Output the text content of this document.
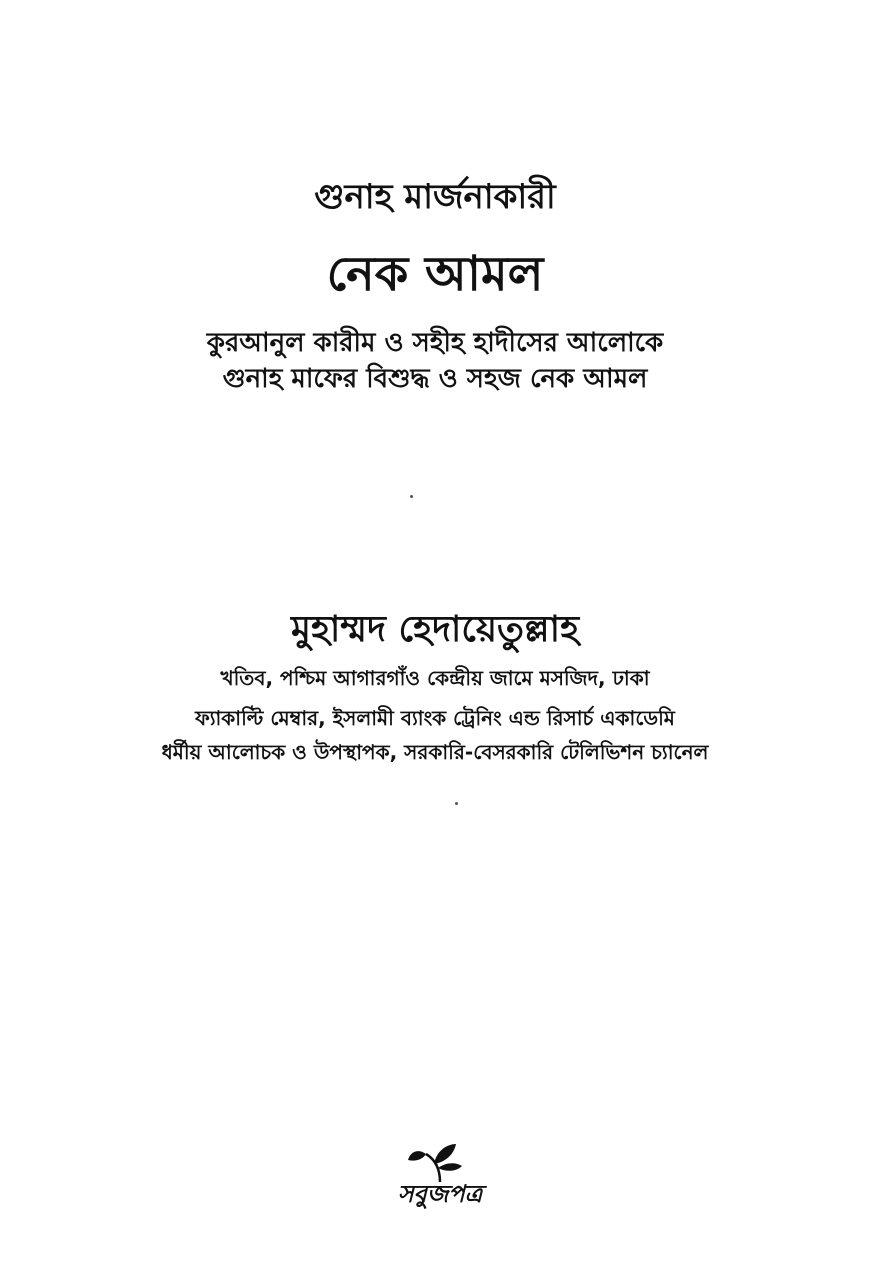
গুনাহ মার্জনাকারী
নেক আমল
কুরআনুল কারীম ও সহীহ হাদীসের আলোকে
গুনাহ মাফের বিশুদ্ধ ও সহজ নেক আমল
মুহাম্মদ হেদায়েতুল্লাহ
খতিব, পশ্চিম আগারগাঁও কেন্দ্রীয় জামে মসজিদ, ঢাকা
ফ্যাকাল্টি মেম্বার, ইসলামী ব্যাংক ট্রেনিং এন্ড রিসার্চ একাডেমি
ধর্মীয় আলোচক ও উপস্থাপক, সরকারি-বেসরকারি টেলিভিশন চ্যানেল
সবুজপত্র
